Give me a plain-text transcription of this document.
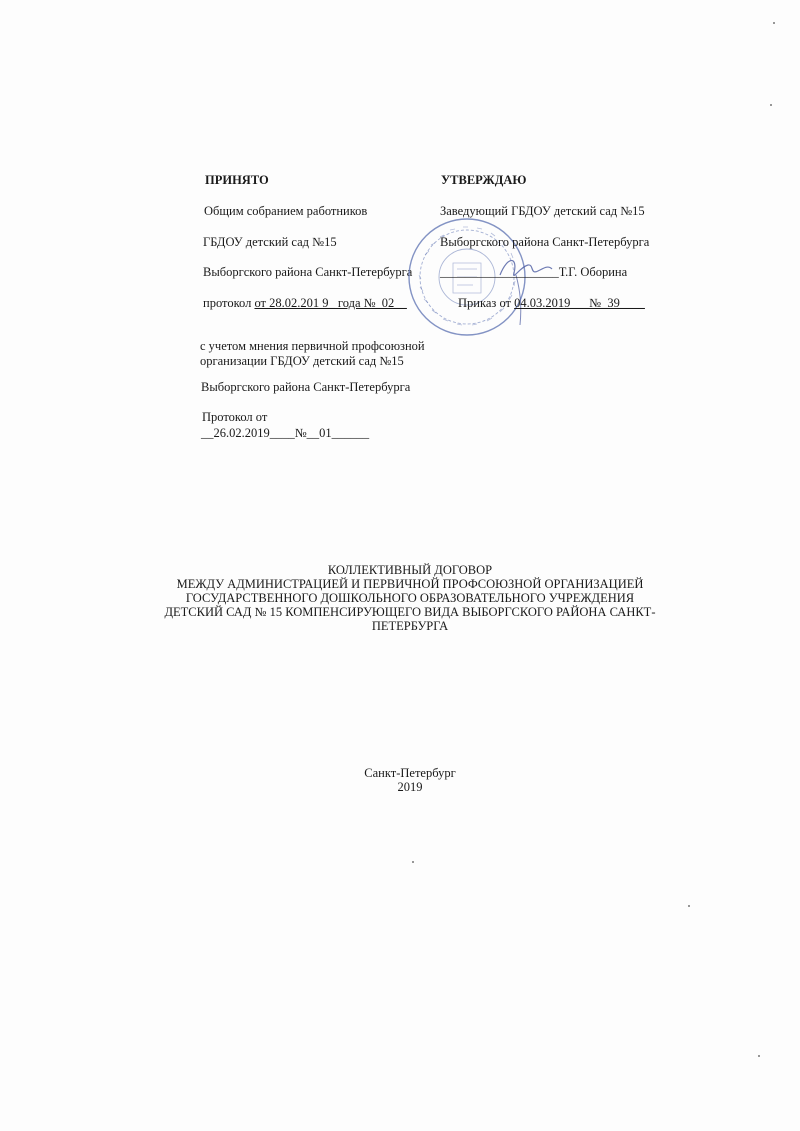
ПРИНЯТО
Общим собранием работников
ГБДОУ детский сад №15
Выборгского района Санкт-Петербурга
протокол от 28.02.201 9_ года №_02__
с учетом мнения первичной профсоюзной
организации ГБДОУ детский сад №15
Выборгского района Санкт-Петербурга
Протокол от
__26.02.2019____№__01______
УТВЕРЖДАЮ
Заведующий ГБДОУ детский сад №15
Выборгского района Санкт-Петербурга
___________________Т.Г. Оборина
Приказ от 04.03.2019___№_39____
КОЛЛЕКТИВНЫЙ ДОГОВОР
МЕЖДУ АДМИНИСТРАЦИЕЙ И ПЕРВИЧНОЙ ПРОФСОЮЗНОЙ ОРГАНИЗАЦИЕЙ
ГОСУДАРСТВЕННОГО ДОШКОЛЬНОГО ОБРАЗОВАТЕЛЬНОГО УЧРЕЖДЕНИЯ
ДЕТСКИЙ САД № 15 КОМПЕНСИРУЮЩЕГО ВИДА ВЫБОРГСКОГО РАЙОНА САНКТ-
ПЕТЕРБУРГА
Санкт-Петербург
2019
